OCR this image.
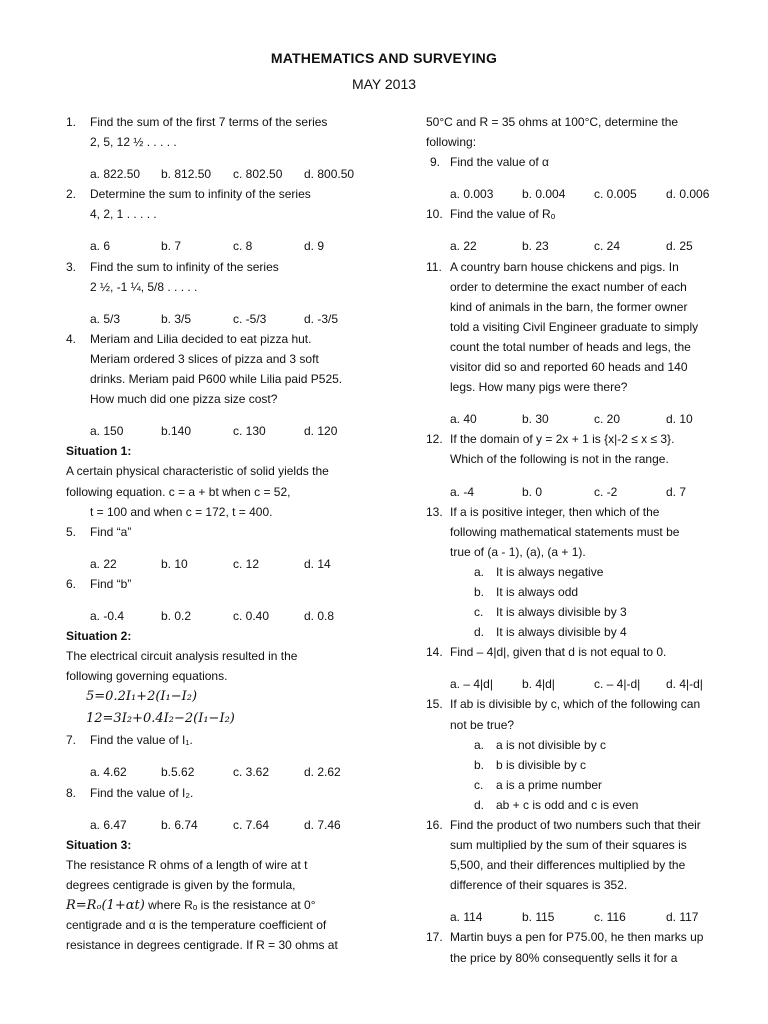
MATHEMATICS AND SURVEYING
MAY 2013
1. Find the sum of the first 7 terms of the series
2, 5, 12 ½ . . . . .
a. 822.50 b. 812.50 c. 802.50 d. 800.50
2. Determine the sum to infinity of the series
4, 2, 1 . . . . .
a. 6	b. 7	c. 8	d. 9
3. Find the sum to infinity of the series
2 ½, -1 ¼, 5/8 . . . . .
a. 5/3	b. 3/5	c. -5/3	d. -3/5
4. Meriam and Lilia decided to eat pizza hut.
Meriam ordered 3 slices of pizza and 3 soft
drinks. Meriam paid P600 while Lilia paid P525.
How much did one pizza size cost?
a. 150	b.140	c. 130	d. 120
Situation 1:
A certain physical characteristic of solid yields the
following equation. c = a + bt when c = 52,
t = 100 and when c = 172, t = 400.
5. Find “a”
a. 22	b. 10	c. 12	d. 14
6. Find “b”
a. -0.4	b. 0.2	c. 0.40	d. 0.8
Situation 2:
The electrical circuit analysis resulted in the
following governing equations.
5=0.2I₁+2(I₁−I₂)
12=3I₂+0.4I₂−2(I₁−I₂)
7. Find the value of I₁.
a. 4.62	b.5.62	c. 3.62	d. 2.62
8. Find the value of I₂.
a. 6.47	b. 6.74	c. 7.64	d. 7.46
Situation 3:
The resistance R ohms of a length of wire at t
degrees centigrade is given by the formula,
R=Rₒ(1+αt) where Rₒ is the resistance at 0°
centigrade and α is the temperature coefficient of
resistance in degrees centigrade. If R = 30 ohms at
50°C and R = 35 ohms at 100°C, determine the
following:
9. Find the value of α
a. 0.003 b. 0.004 c. 0.005 d. 0.006
10. Find the value of Rₒ
a. 22	b. 23	c. 24	d. 25
11. A country barn house chickens and pigs. In
order to determine the exact number of each
kind of animals in the barn, the former owner
told a visiting Civil Engineer graduate to simply
count the total number of heads and legs, the
visitor did so and reported 60 heads and 140
legs. How many pigs were there?
a. 40	b. 30	c. 20	d. 10
12. If the domain of y = 2x + 1 is {x|-2 ≤ x ≤ 3}.
Which of the following is not in the range.
a. -4	b. 0	c. -2	d. 7
13. If a is positive integer, then which of the
following mathematical statements must be
true of (a - 1), (a), (a + 1).
a. It is always negative
b. It is always odd
c. It is always divisible by 3
d. It is always divisible by 4
14. Find – 4|d|, given that d is not equal to 0.
a. – 4|d| b. 4|d|	c. – 4|-d| d. 4|-d|
15. If ab is divisible by c, which of the following can
not be true?
a. a is not divisible by c
b. b is divisible by c
c. a is a prime number
d. ab + c is odd and c is even
16. Find the product of two numbers such that their
sum multiplied by the sum of their squares is
5,500, and their differences multiplied by the
difference of their squares is 352.
a. 114	b. 115	c. 116	d. 117
17. Martin buys a pen for P75.00, he then marks up
the price by 80% consequently sells it for a
